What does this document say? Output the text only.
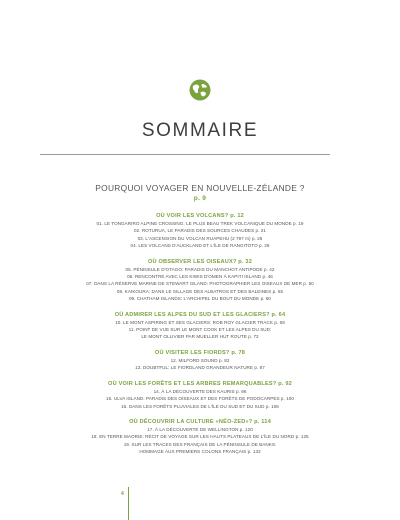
SOMMAIRE
POURQUOI VOYAGER EN NOUVELLE-ZÉLANDE ?
p. 9
OÙ VOIR LES VOLCANS? p. 12
01. LE TONGARIRO ALPINE CROSSING: LE PLUS BEAU TREK VOLCANIQUE DU MONDE p. 19
02. ROTURUA, LE PARADIS DES SOURCES CHAUDES p. 21
03. L'ASCENSION DU VOLCAN RUAPEHU (2 797 m) p. 26
04. LES VOLCANS D'AUCKLAND ET L'ÎLE DE RANGITOTO p. 28
OÙ OBSERVER LES OISEAUX? p. 32
05. PÉNINSULE D'OTAGO: PARADIS DU MANCHOT ANTIPODE p. 42
06. RENCONTRE AVEC LES KIWIS D'OMEN À KAPITI ISLAND p. 46
07. DANS LA RÉSERVE MARINE DE STEWART ISLAND: PHOTOGRAPHIER LES OISEAUX DE MER p. 50
08. KAIKOURA: DANS LE SILLAGE DES ALBATROS ET DES BALEINES p. 55
09. CHATHAM ISLANDS: L'ARCHIPEL DU BOUT DU MONDE p. 60
OÙ ADMIRER LES ALPES DU SUD ET LES GLACIERS? p. 64
10. LE MONT ASPIRING ET SES GLACIERS: ROB ROY GLACIER TRACK p. 68
11. POINT DE VUE SUR LE MONT COOK ET LES ALPES DU SUD:
LE MONT OLLIVIER PAR MUELLER HUT ROUTE p. 72
OÙ VISITER LES FIORDS? p. 78
12. MILFORD SOUND p. 82
13. DOUBTFUL: LE FIORDLAND GRANDEUR NATURE p. 87
OÙ VOIR LES FORÊTS ET LES ARBRES REMARQUABLES? p. 92
14. À LA DÉCOUVERTE DES KAURIS p. 96
15. ULVA ISLAND: PARADIS DES OISEAUX ET DES FORÊTS DE PODOCARPES p. 100
16. DANS LES FORÊTS PLUVIALES DE L'ÎLE DU SUD ET DU SUD p. 106
OÙ DÉCOUVRIR LA CULTURE «NÉO-ZED»? p. 114
17. À LA DÉCOUVERTE DE WELLINGTON p. 120
18. EN TERRE MAORIE: RÉCIT DE VOYAGE SUR LES HAUTS PLATEAUX DE L'ÎLE DU NORD p. 125
19. SUR LES TRACES DES FRANÇAIS DE LA PÉNINSULE DE BANKS:
HOMMAGE AUX PREMIERS COLONS FRANÇAIS p. 132
4
